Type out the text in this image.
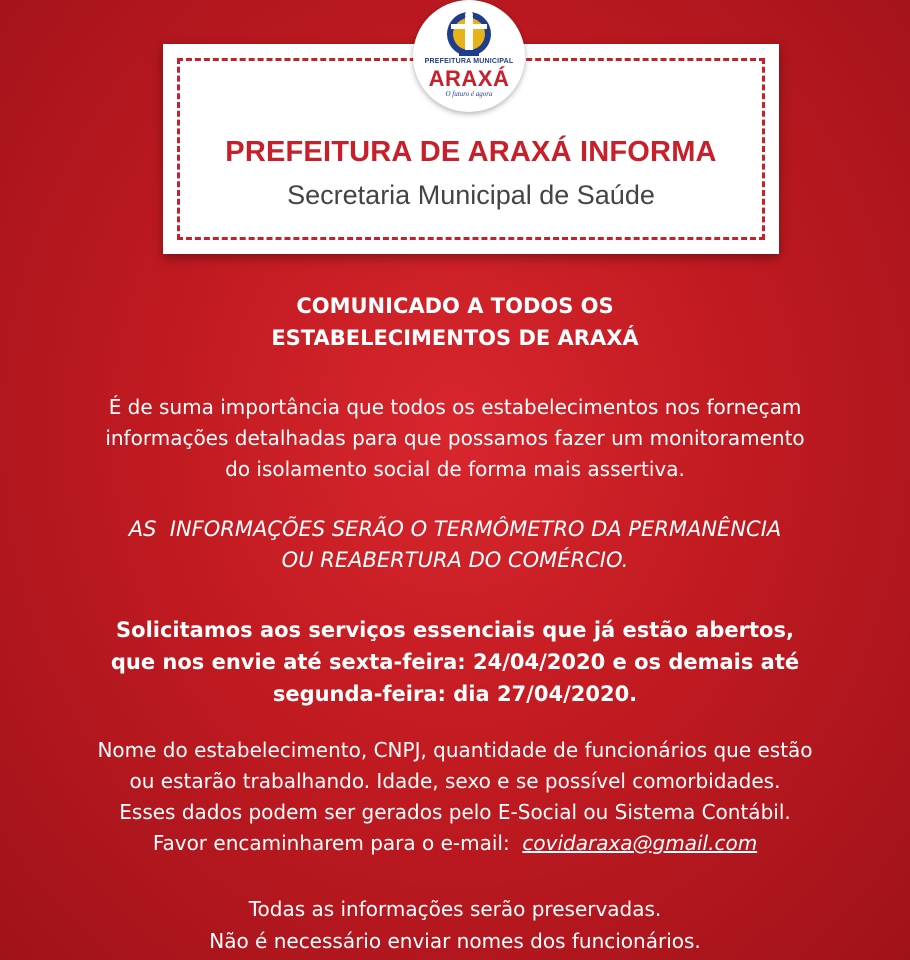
PREFEITURA DE ARAXÁ INFORMA
Secretaria Municipal de Saúde
PREFEITURA MUNICIPAL
ARAXÁ
O futuro é agora
COMUNICADO A TODOS OS
ESTABELECIMENTOS DE ARAXÁ
É de suma importância que todos os estabelecimentos nos forneçam
informações detalhadas para que possamos fazer um monitoramento
do isolamento social de forma mais assertiva.
AS  INFORMAÇÕES SERÃO O TERMÔMETRO DA PERMANÊNCIA
OU REABERTURA DO COMÉRCIO.
Solicitamos aos serviços essenciais que já estão abertos,
que nos envie até sexta-feira: 24/04/2020 e os demais até
segunda-feira: dia 27/04/2020.
Nome do estabelecimento, CNPJ, quantidade de funcionários que estão
ou estarão trabalhando. Idade, sexo e se possível comorbidades.
Esses dados podem ser gerados pelo E-Social ou Sistema Contábil.
Favor encaminharem para o e-mail:  covidaraxa@gmail.com
Todas as informações serão preservadas.
Não é necessário enviar nomes dos funcionários.
